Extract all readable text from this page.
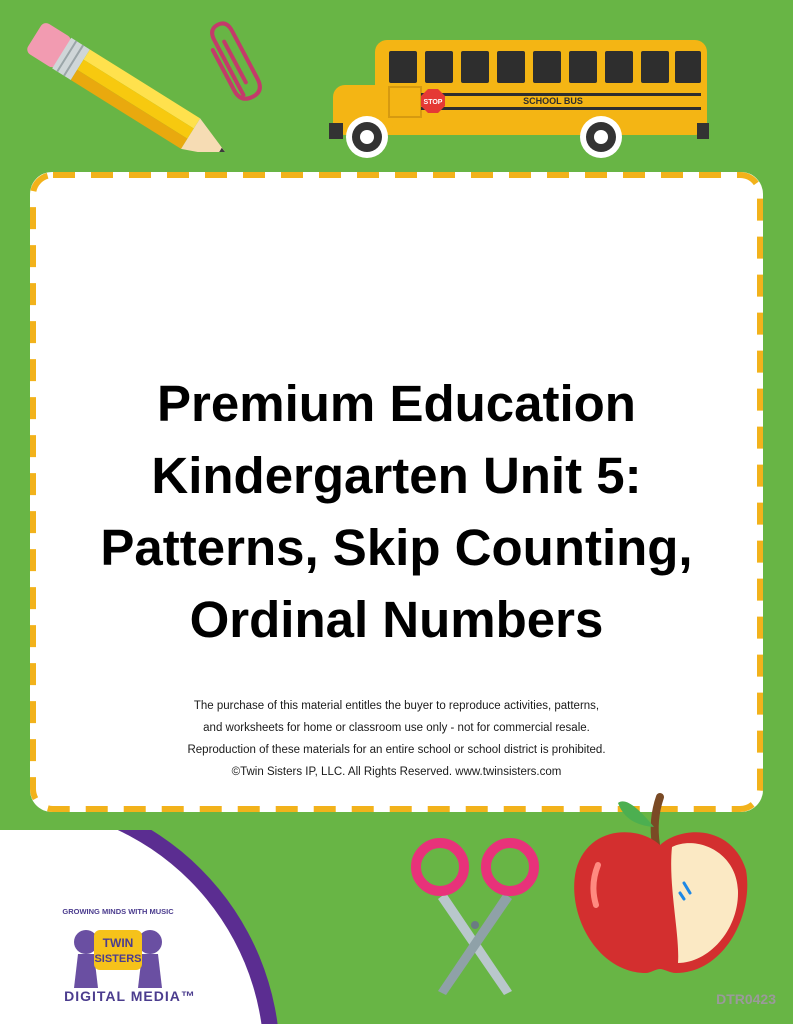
STOP	SCHOOL BUS
Premium Education
Kindergarten Unit 5:
Patterns, Skip Counting,
Ordinal Numbers
The purchase of this material entitles the buyer to reproduce activities, patterns,
and worksheets for home or classroom use only - not for commercial resale.
Reproduction of these materials for an entire school or school district is prohibited.
©Twin Sisters IP, LLC. All Rights Reserved. www.twinsisters.com
GROWING MINDS WITH MUSIC
TWIN
SISTERS
DIGITAL MEDIA™	DTR0423
